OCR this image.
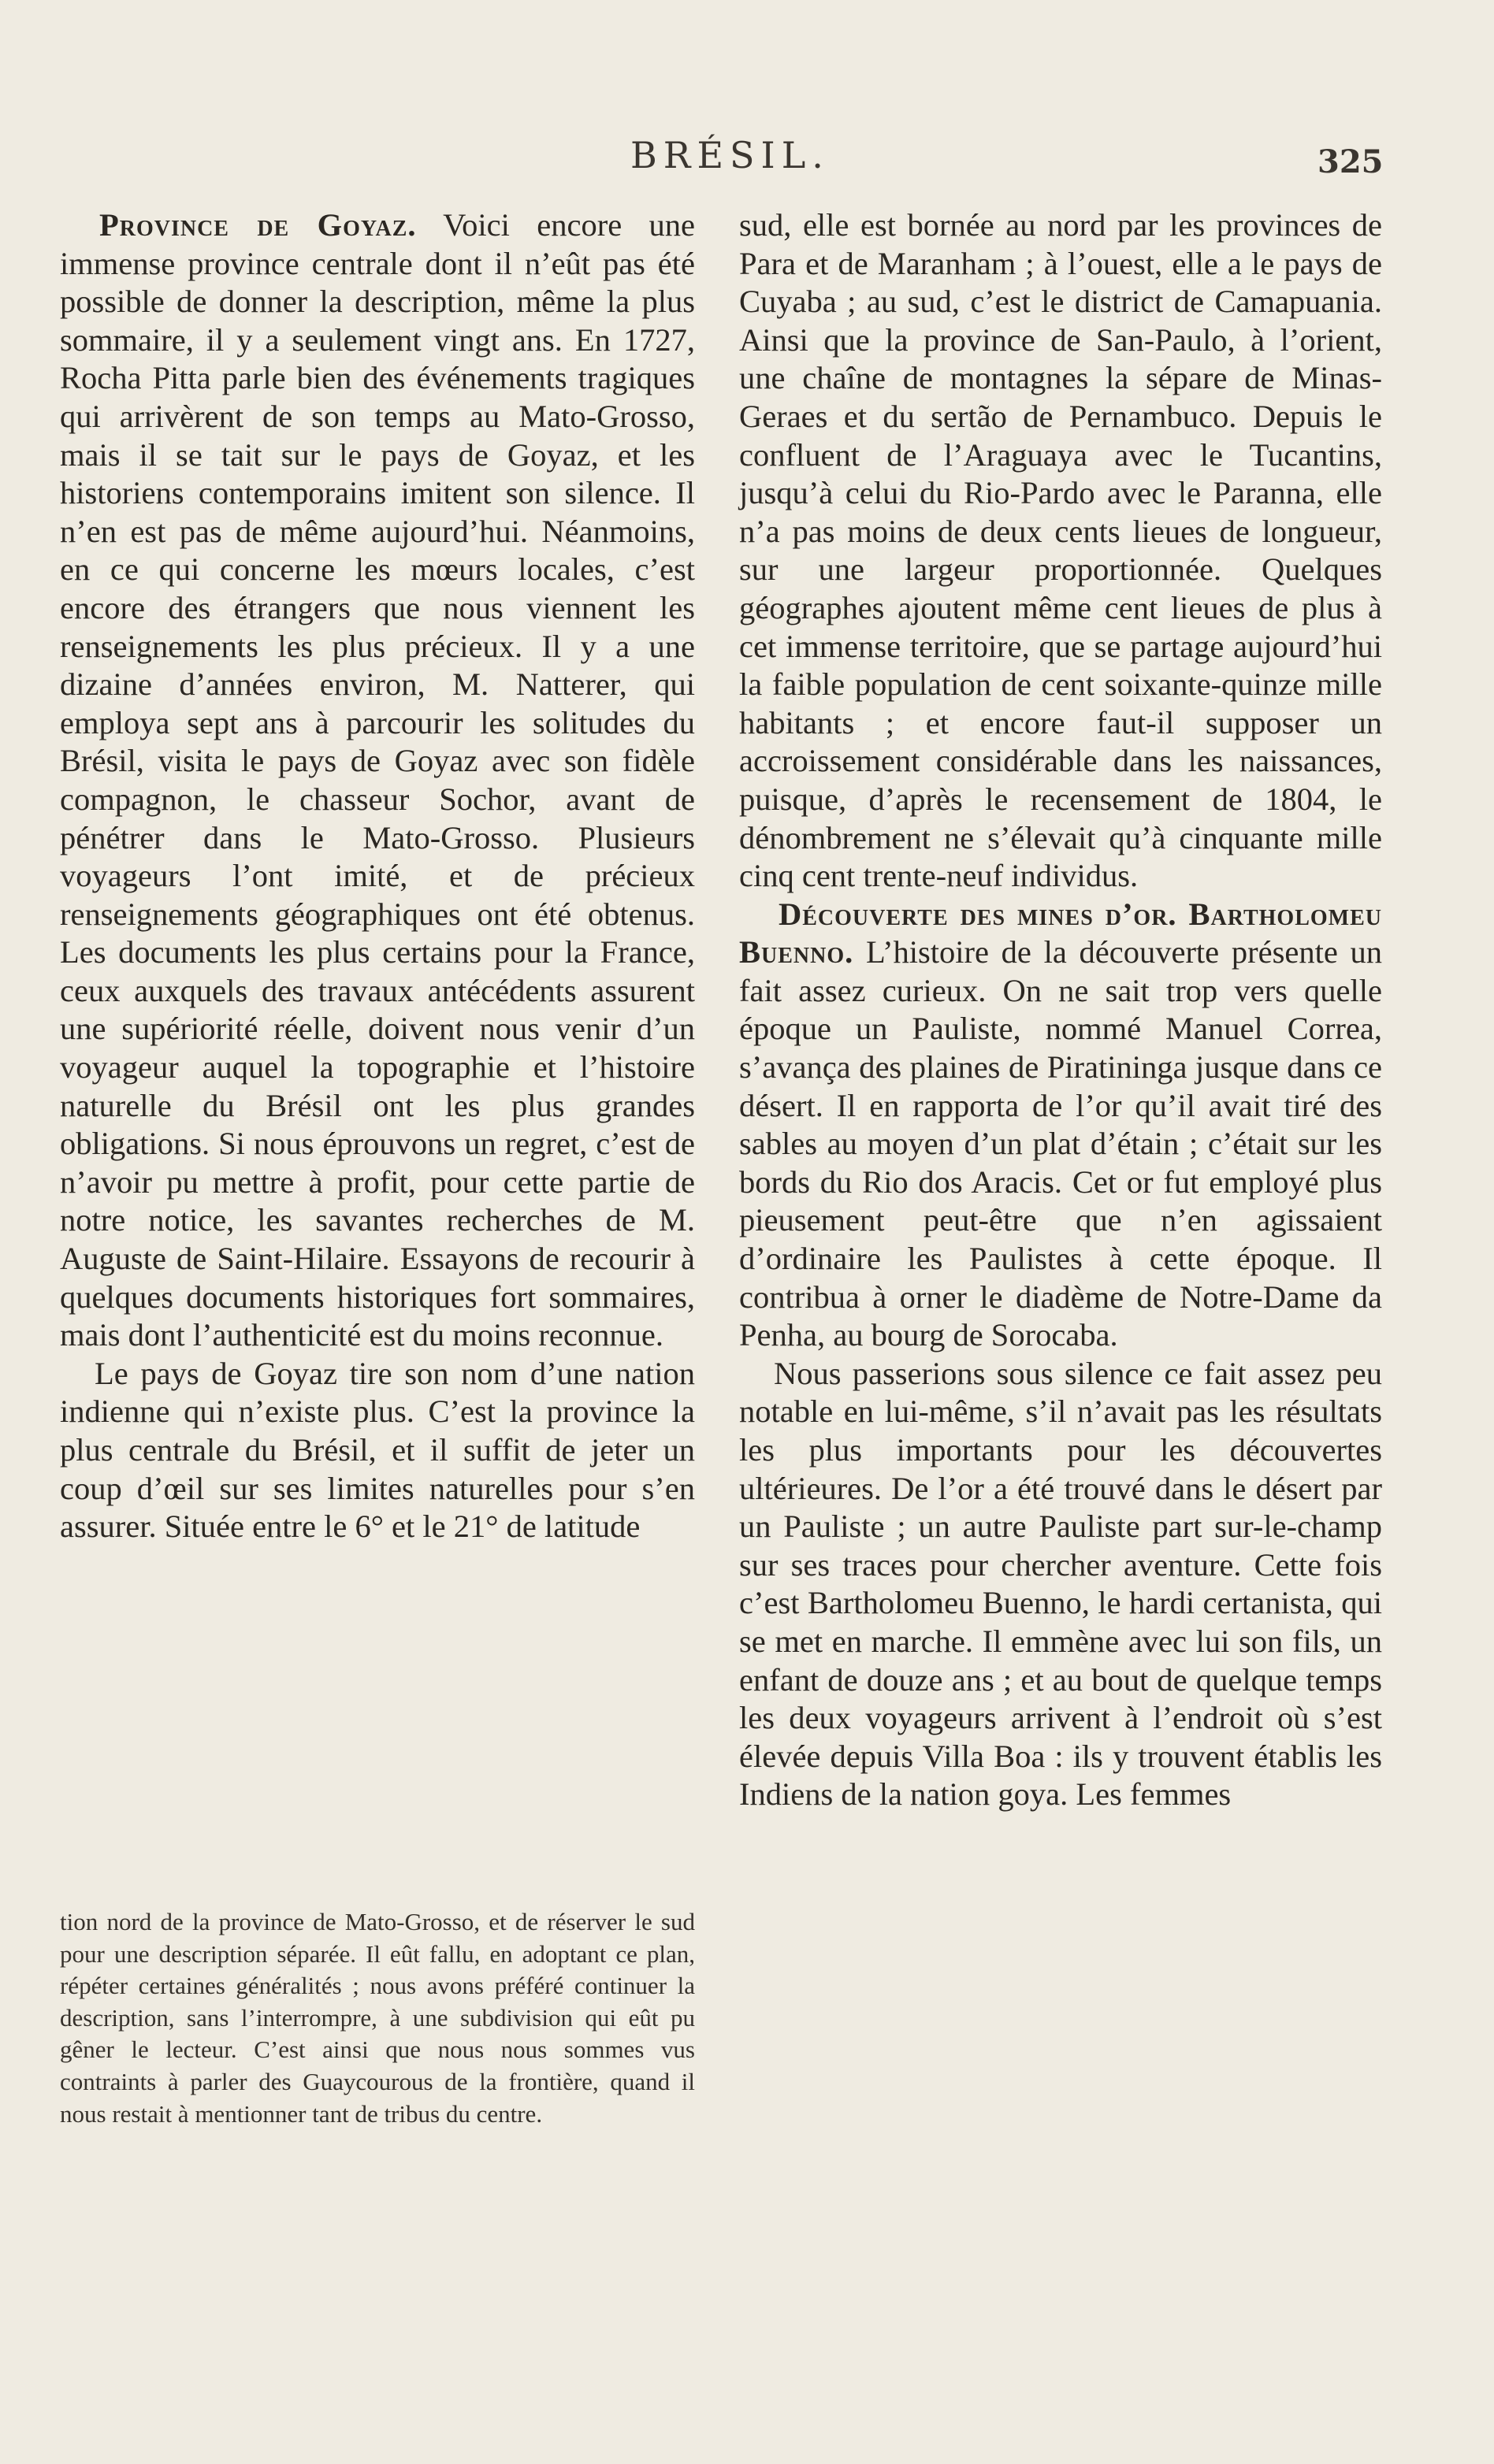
BRÉSIL.	325

Province de Goyaz. Voici encore une immense province centrale dont il n’eût pas été possible de donner la description, même la plus sommaire, il y a seulement vingt ans. En 1727, Rocha Pitta parle bien des événements tragiques qui arrivèrent de son temps au Mato-Grosso, mais il se tait sur le pays de Goyaz, et les historiens contemporains imitent son silence. Il n’en est pas de même aujourd’hui. Néanmoins, en ce qui concerne les mœurs locales, c’est encore des étrangers que nous viennent les renseignements les plus précieux. Il y a une dizaine d’années environ, M. Natterer, qui employa sept ans à parcourir les solitudes du Brésil, visita le pays de Goyaz avec son fidèle compagnon, le chasseur Sochor, avant de pénétrer dans le Mato-Grosso. Plusieurs voyageurs l’ont imité, et de précieux renseignements géographiques ont été obtenus. Les documents les plus certains pour la France, ceux auxquels des travaux antécédents assurent une supériorité réelle, doivent nous venir d’un voyageur auquel la topographie et l’histoire naturelle du Brésil ont les plus grandes obligations. Si nous éprouvons un regret, c’est de n’avoir pu mettre à profit, pour cette partie de notre notice, les savantes recherches de M. Auguste de Saint-Hilaire. Essayons de recourir à quelques documents historiques fort sommaires, mais dont l’authenticité est du moins reconnue.

Le pays de Goyaz tire son nom d’une nation indienne qui n’existe plus. C’est la province la plus centrale du Brésil, et il suffit de jeter un coup d’œil sur ses limites naturelles pour s’en assurer. Située entre le 6° et le 21° de latitude

tion nord de la province de Mato-Grosso, et de réserver le sud pour une description séparée. Il eût fallu, en adoptant ce plan, répéter certaines généralités ; nous avons préféré continuer la description, sans l’interrompre, à une subdivision qui eût pu gêner le lecteur. C’est ainsi que nous nous sommes vus contraints à parler des Guaycourous de la frontière, quand il nous restait à mentionner tant de tribus du centre.

sud, elle est bornée au nord par les provinces de Para et de Maranham ; à l’ouest, elle a le pays de Cuyaba ; au sud, c’est le district de Camapuania. Ainsi que la province de San-Paulo, à l’orient, une chaîne de montagnes la sépare de Minas-Geraes et du sertão de Pernambuco. Depuis le confluent de l’Araguaya avec le Tucantins, jusqu’à celui du Rio-Pardo avec le Paranna, elle n’a pas moins de deux cents lieues de longueur, sur une largeur proportionnée. Quelques géographes ajoutent même cent lieues de plus à cet immense territoire, que se partage aujourd’hui la faible population de cent soixante-quinze mille habitants ; et encore faut-il supposer un accroissement considérable dans les naissances, puisque, d’après le recensement de 1804, le dénombrement ne s’élevait qu’à cinquante mille cinq cent trente-neuf individus.

Découverte des mines d’or. Bartholomeu Buenno. L’histoire de la découverte présente un fait assez curieux. On ne sait trop vers quelle époque un Pauliste, nommé Manuel Correa, s’avança des plaines de Piratininga jusque dans ce désert. Il en rapporta de l’or qu’il avait tiré des sables au moyen d’un plat d’étain ; c’était sur les bords du Rio dos Aracis. Cet or fut employé plus pieusement peut-être que n’en agissaient d’ordinaire les Paulistes à cette époque. Il contribua à orner le diadème de Notre-Dame da Penha, au bourg de Sorocaba.

Nous passerions sous silence ce fait assez peu notable en lui-même, s’il n’avait pas les résultats les plus importants pour les découvertes ultérieures. De l’or a été trouvé dans le désert par un Pauliste ; un autre Pauliste part sur-le-champ sur ses traces pour chercher aventure. Cette fois c’est Bartholomeu Buenno, le hardi certanista, qui se met en marche. Il emmène avec lui son fils, un enfant de douze ans ; et au bout de quelque temps les deux voyageurs arrivent à l’endroit où s’est élevée depuis Villa Boa : ils y trouvent établis les Indiens de la nation goya. Les femmes
